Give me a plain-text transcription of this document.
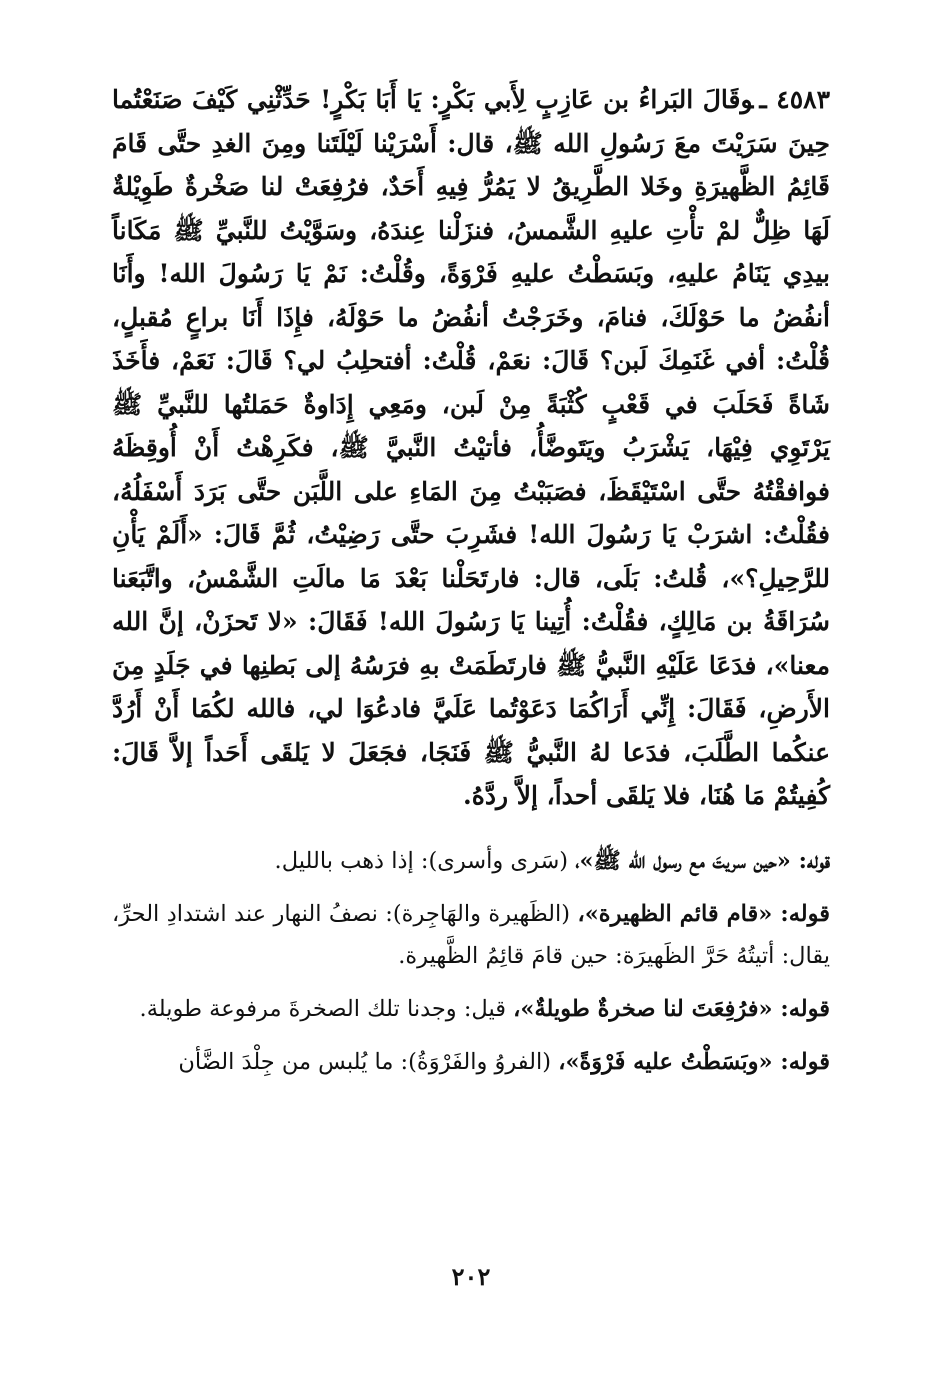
٤٥٨٣ ـوقَالَ البَراءُ بن عَازِبٍ لِأَبي بَكْرٍ: يَا أَبَا بَكْرٍ! حَدِّثْنِي كَيْفَ صَنَعْتُما حِينَ سَرَيْتَ معَ رَسُولِ الله ﷺ، قال: أَسْرَيْنا لَيْلَتَنا ومِنَ الغدِ حتَّى قَامَ قَائِمُ الظَّهيرَةِ وخَلا الطَّرِيقُ لا يَمُرُّ فِيهِ أَحَدٌ، فرُفِعَتْ لنا صَخْرةٌ طَوِيْلةٌ لَهَا ظِلٌّ لمْ تأْتِ عليهِ الشَّمسُ، فنزَلْنا عِندَهُ، وسَوَّيْتُ للنَّبيِّ ﷺ مَكَاناً بيدِي يَنَامُ عليهِ، وبَسَطْتُ عليهِ فَرْوَةً، وقُلْتُ: نَمْ يَا رَسُولَ الله! وأَنَا أنفُضُ ما حَوْلَكَ، فنامَ، وخَرَجْتُ أنفُضُ ما حَوْلَهُ، فإِذَا أَنَا براعٍ مُقبلٍ، قُلْتُ: أفي غَنَمِكَ لَبن؟ قَالَ: نعَمْ، قُلْتُ: أفتحلِبُ لي؟ قَالَ: نَعَمْ، فأَخَذَ شَاةً فَحَلَبَ في قَعْبٍ كُثْبَةً مِنْ لَبن، ومَعِي إِدَاوةٌ حَمَلتُها للنَّبيِّ ﷺ يَرْتَوِي فِيْهَا، يَشْرَبُ ويَتَوضَّأُ، فأتيْتُ النَّبيَّ ﷺ، فكَرِهْتُ أَنْ أُوقِظَهُ فوافقْتُهُ حتَّى اسْتَيْقَظَ، فصَبَبْتُ مِنَ المَاءِ على اللَّبَن حتَّى بَرَدَ أَسْفَلُهُ، فقُلْتُ: اشرَبْ يَا رَسُولَ الله! فشَرِبَ حتَّى رَضِيْتُ، ثُمَّ قَالَ: «أَلَمْ يَأْنِ للرَّحِيلِ؟»، قُلتُ: بَلَى، قال: فارتَحَلْنا بَعْدَ مَا مالَتِ الشَّمْسُ، واتَّبَعَنا سُرَاقَةُ بن مَالِكٍ، فقُلْتُ: أُتِينا يَا رَسُولَ الله! فَقَالَ: «لا تَحزَنْ، إنَّ الله معنا»، فدَعَا عَلَيْهِ النَّبيُّ ﷺ فارتَطَمَتْ بهِ فرَسُهُ إلى بَطنِها في جَلَدٍ مِنَ الأَرضِ، فَقَالَ: إِنِّي أَرَاكُمَا دَعَوْتُما عَلَيَّ فادعُوَا لي، فالله لكُمَا أَنْ أَرُدَّ عنكُما الطَّلَبَ، فدَعا لهُ النَّبيُّ ﷺ فَنَجَا، فجَعَلَ لا يَلقَى أَحَداً إلاَّ قَالَ: كُفِيتُمْ مَا هُنَا، فلا يَلقَى أحداً، إلاَّ ردَّهُ.

قوله: «حين سريتَ مع رسول الله ﷺ»، (سَرى وأسرى): إذا ذهب بالليل.

قوله: «قام قائم الظهيرة»، (الظَهيرة والهَاجِرة): نصفُ النهار عند اشتدادِ الحرِّ، يقال: أتيتُهُ حَرَّ الظَهيرَة: حين قامَ قائِمُ الظَّهيرة.

قوله: «فرُفِعَتَ لنا صخرةٌ طويلةٌ»، قيل: وجدنا تلك الصخرةَ مرفوعة طويلة.

قوله: «وبَسَطْتُ عليه فَرْوَةً»، (الفروُ والفَرْوَةُ): ما يُلبس من جِلْدَ الضَّأن

٢٠٢
